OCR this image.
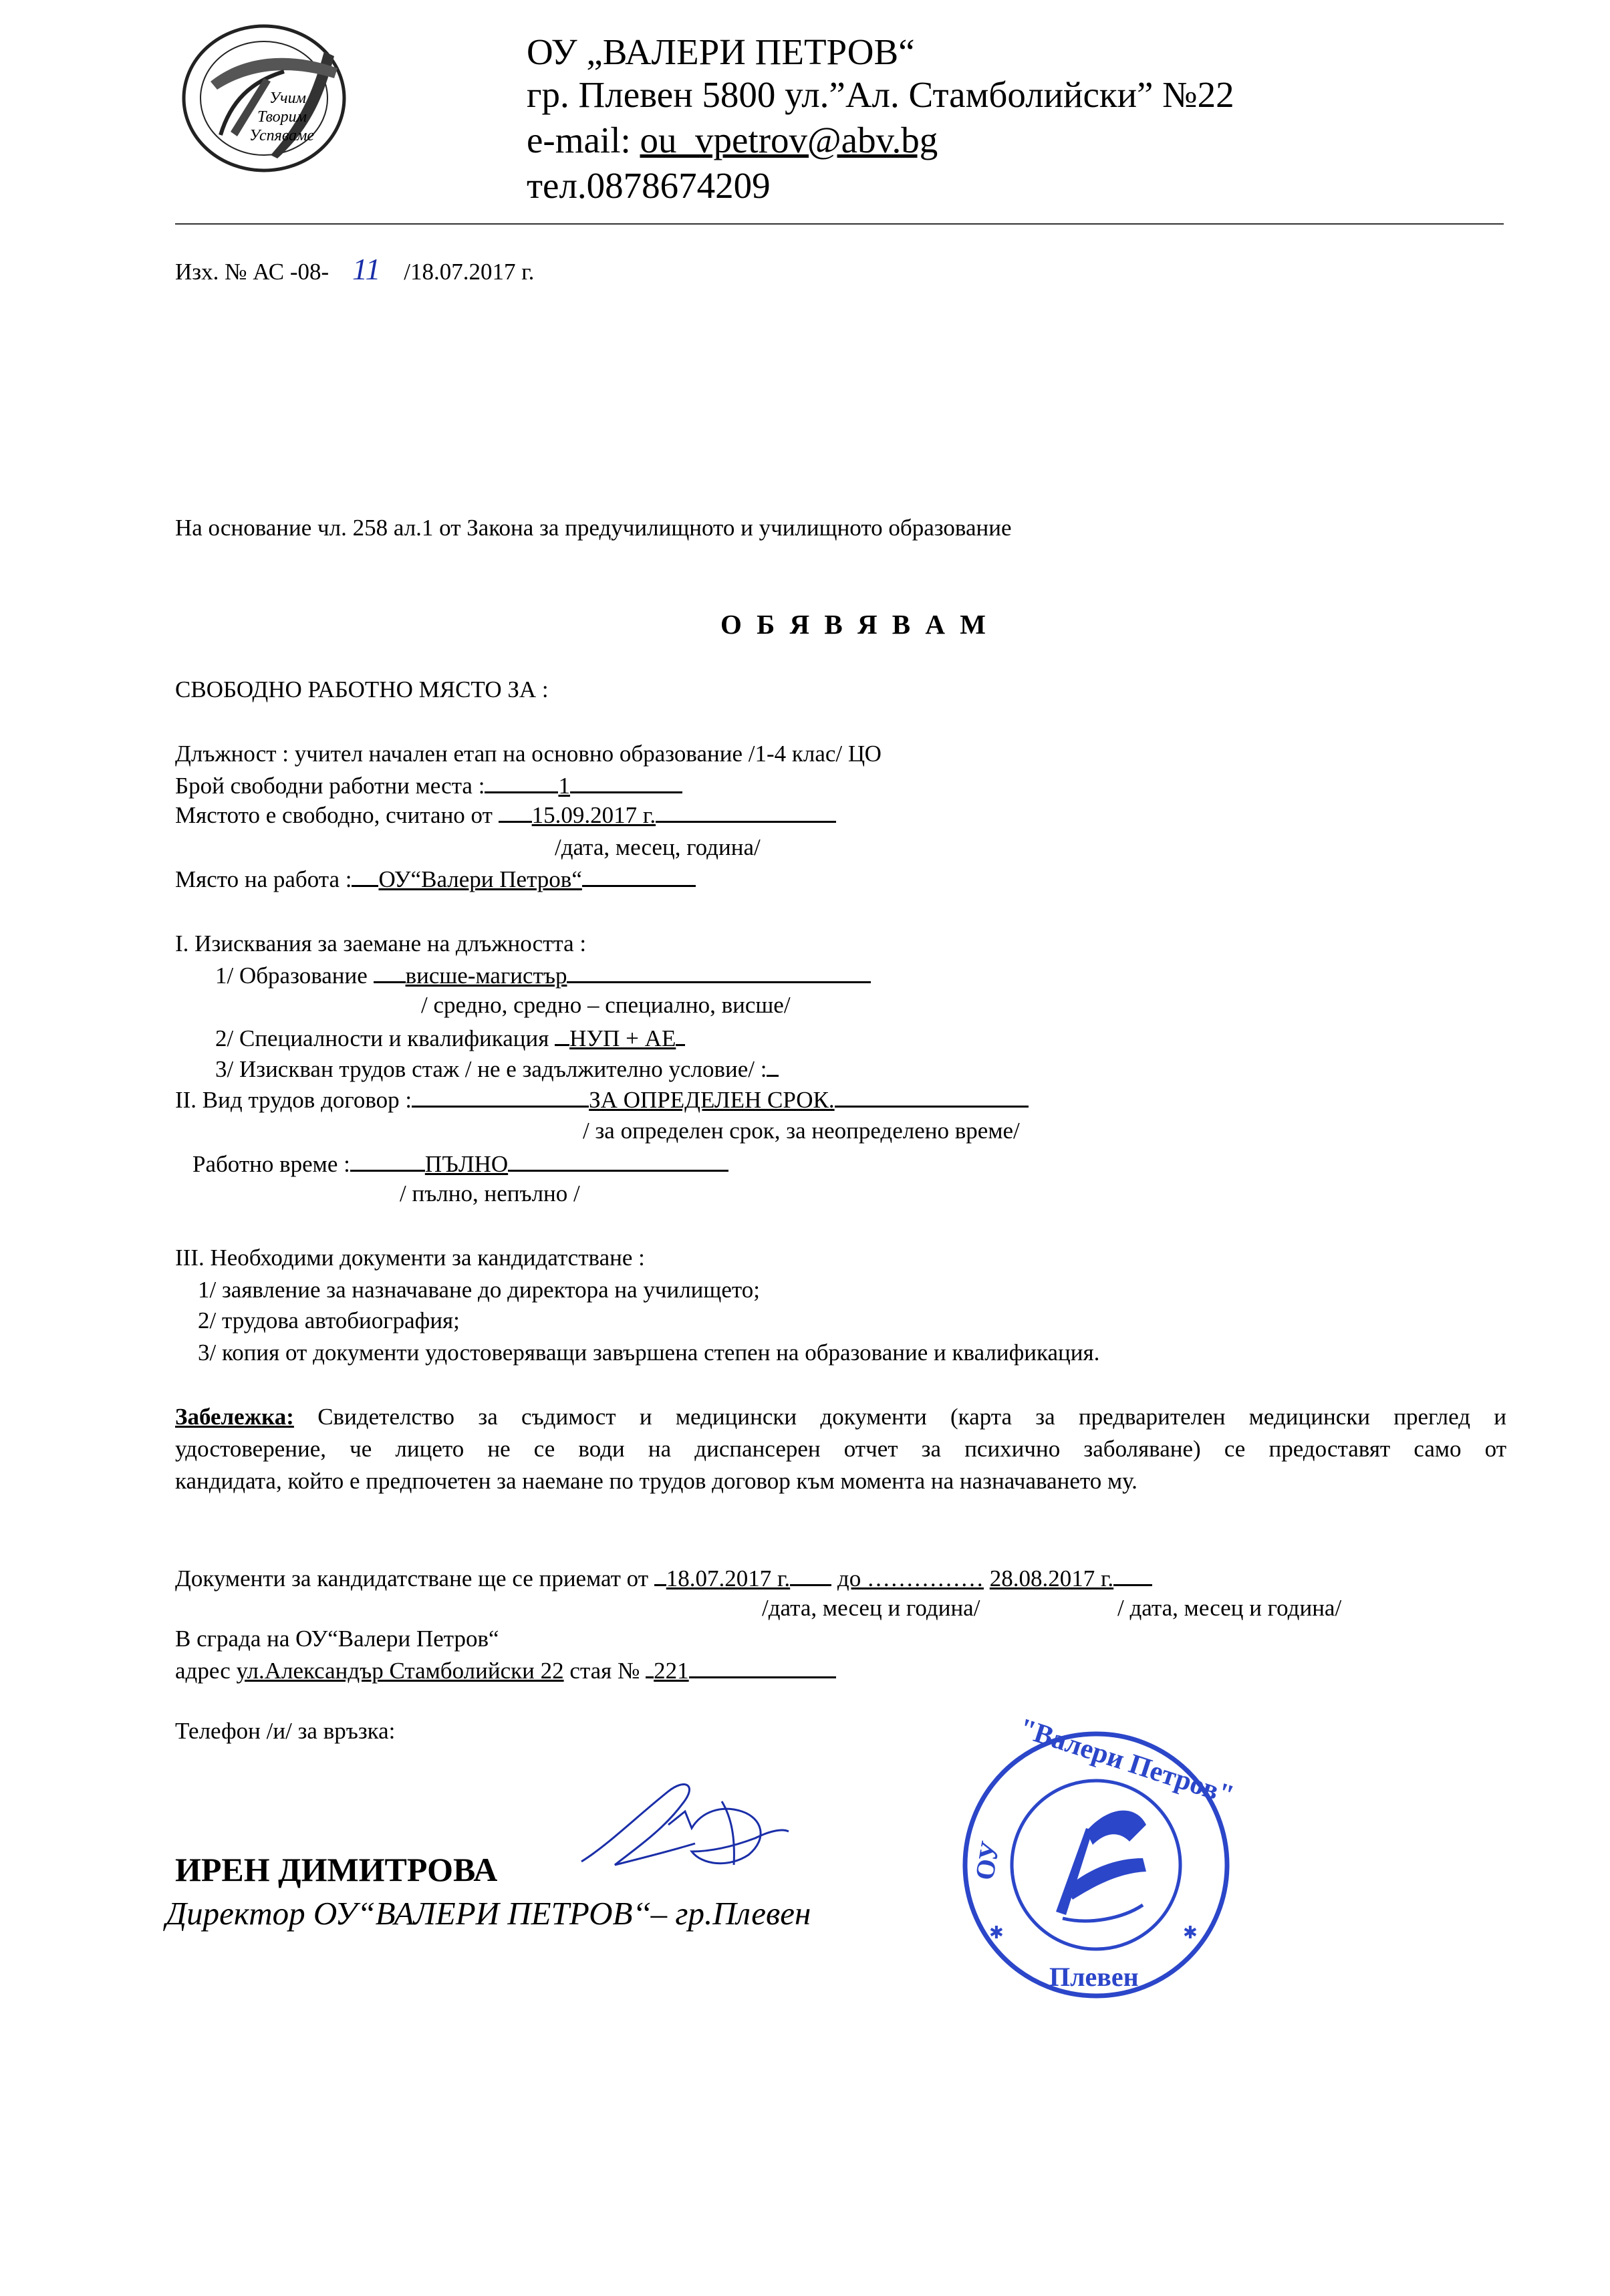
Учим
Творим
Успяваме
ОУ „ВАЛЕРИ ПЕТРОВ“
гр. Плевен 5800 ул.”Ал. Стамболийски” №22
e-mail: ou_vpetrov@abv.bg
тел.0878674209
Изх. № АС -08- 11 /18.07.2017 г.
На основание чл. 258 ал.1 от Закона за предучилищното и училищното образование
О Б Я В Я В А М
СВОБОДНО РАБОТНО МЯСТО ЗА :
Длъжност : учител начален етап на основно образование /1-4 клас/ ЦО
Брой свободни работни места :	1
Мястото е свободно, считано от 15.09.2017 г.
/дата, месец, година/
Място на работа : ОУ“Валери Петров“
I. Изисквания за заемане на длъжността :
1/ Образование висше-магистър
/ средно, средно – специално, висше/
2/ Специалности и квалификация НУП + АЕ
3/ Изискван трудов стаж / не е задължително условие/ :
II. Вид трудов договор :	ЗА ОПРЕДЕЛЕН СРОК.
/ за определен срок, за неопределено време/
Работно време :	ПЪЛНО
/ пълно, непълно /
III. Необходими документи за кандидатстване :
1/ заявление за назначаване до директора на училището;
2/ трудова автобиография;
3/ копия от документи удостоверяващи завършена степен на образование и квалификация.
Забележка: Свидетелство за съдимост и медицински документи (карта за предварителен медицински преглед и
удостоверение, че лицето не се води на диспансерен отчет за психично заболяване) се предоставят само от
кандидата, който е предпочетен за наемане по трудов договор към момента на назначаването му.
Документи за кандидатстване ще се приемат от 18.07.2017 г. до …………… 28.08.2017 г.
/дата, месец и година/	/ дата, месец и година/
В сграда на ОУ“Валери Петров“
адрес ул.Александър Стамболийски 22 стая № 221
Телефон /и/ за връзка:
ИРЕН ДИМИТРОВА
Директор ОУ“ВАЛЕРИ ПЕТРОВ‘‘– гр.Плевен
✱	✱
"Валери Петров"
ОУ
Плевен
